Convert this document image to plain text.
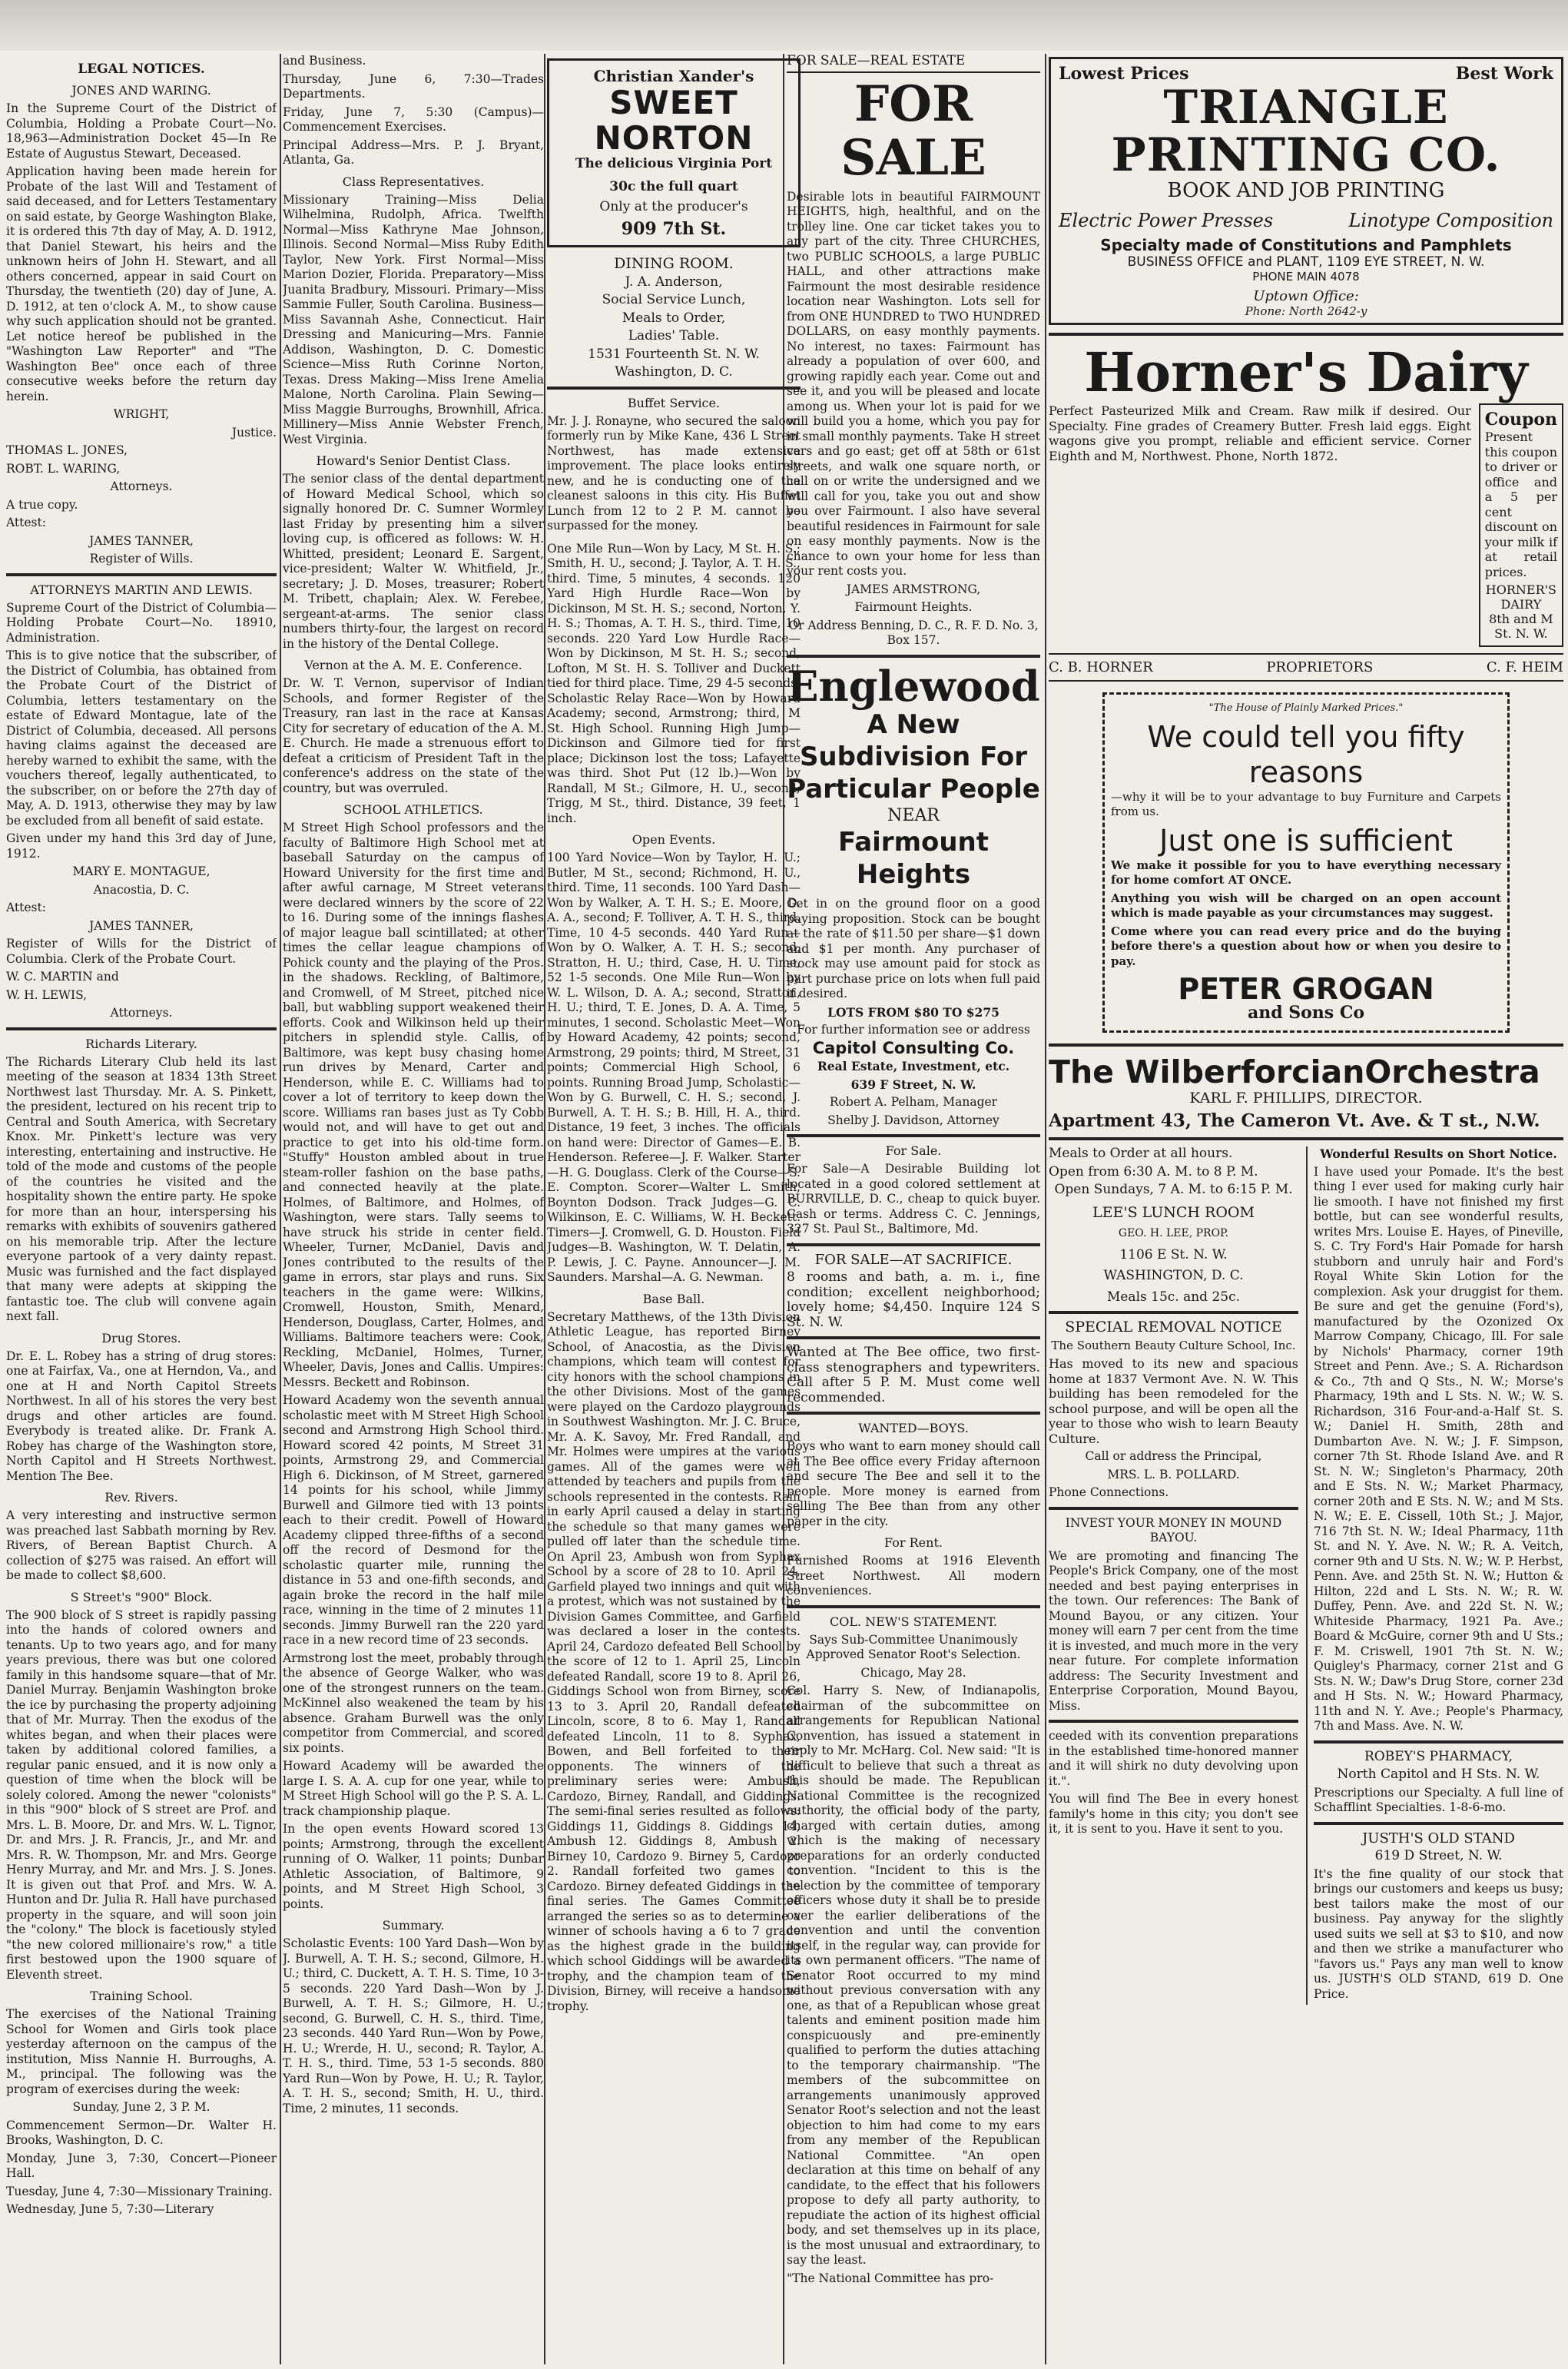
LEGAL NOTICES.
JONES AND WARING.

In the Supreme Court of the District of Columbia, Holding a Probate Court—No. 18,963—Administration Docket 45—In Re Estate of Augustus Stewart, Deceased.

Application having been made herein for Probate of the last Will and Testament of said deceased, and for Letters Testamentary on said estate, by George Washington Blake, it is ordered this 7th day of May, A. D. 1912, that Daniel Stewart, his heirs and the unknown heirs of John H. Stewart, and all others concerned, appear in said Court on Thursday, the twentieth (20) day of June, A. D. 1912, at ten o'clock A. M., to show cause why such application should not be granted. Let notice hereof be published in the "Washington Law Reporter" and "The Washington Bee" once each of three consecutive weeks before the return day herein.

WRIGHT,
Justice.
THOMAS L. JONES,
ROBT. L. WARING,
Attorneys.
A true copy.
Attest:
JAMES TANNER,
Register of Wills.
ATTORNEYS MARTIN AND LEWIS.

Supreme Court of the District of Columbia—Holding Probate Court—No. 18910, Administration.

This is to give notice that the subscriber, of the District of Columbia, has obtained from the Probate Court of the District of Columbia, letters testamentary on the estate of Edward Montague, late of the District of Columbia, deceased. All persons having claims against the deceased are hereby warned to exhibit the same, with the vouchers thereof, legally authenticated, to the subscriber, on or before the 27th day of May, A. D. 1913, otherwise they may by law be excluded from all benefit of said estate.

Given under my hand this 3rd day of June, 1912.

MARY E. MONTAGUE,
Anacostia, D. C.
Attest:
JAMES TANNER,

Register of Wills for the District of Columbia. Clerk of the Probate Court.

W. C. MARTIN and
W. H. LEWIS,
Attorneys.
Richards Literary.

The Richards Literary Club held its last meeting of the season at 1834 13th Street Northwest last Thursday. Mr. A. S. Pinkett, the president, lectured on his recent trip to Central and South America, with Secretary Knox. Mr. Pinkett's lecture was very interesting, entertaining and instructive. He told of the mode and customs of the people of the countries he visited and the hospitality shown the entire party. He spoke for more than an hour, interspersing his remarks with exhibits of souvenirs gathered on his memorable trip. After the lecture everyone partook of a very dainty repast. Music was furnished and the fact displayed that many were adepts at skipping the fantastic toe. The club will convene again next fall.

Drug Stores.

Dr. E. L. Robey has a string of drug stores: one at Fairfax, Va., one at Herndon, Va., and one at H and North Capitol Streets Northwest. In all of his stores the very best drugs and other articles are found. Everybody is treated alike. Dr. Frank A. Robey has charge of the Washington store, North Capitol and H Streets Northwest. Mention The Bee.

Rev. Rivers.

A very interesting and instructive sermon was preached last Sabbath morning by Rev. Rivers, of Berean Baptist Church. A collection of $275 was raised. An effort will be made to collect $8,600.

S Street's "900" Block.

The 900 block of S street is rapidly passing into the hands of colored owners and tenants. Up to two years ago, and for many years previous, there was but one colored family in this handsome square—that of Mr. Daniel Murray. Benjamin Washington broke the ice by purchasing the property adjoining that of Mr. Murray. Then the exodus of the whites began, and when their places were taken by additional colored families, a regular panic ensued, and it is now only a question of time when the block will be solely colored. Among the newer "colonists" in this "900" block of S street are Prof. and Mrs. L. B. Moore, Dr. and Mrs. W. L. Tignor, Dr. and Mrs. J. R. Francis, Jr., and Mr. and Mrs. R. W. Thompson, Mr. and Mrs. George Henry Murray, and Mr. and Mrs. J. S. Jones. It is given out that Prof. and Mrs. W. A. Hunton and Dr. Julia R. Hall have purchased property in the square, and will soon join the "colony." The block is facetiously styled "the new colored millionaire's row," a title first bestowed upon the 1900 square of Eleventh street.

Training School.

The exercises of the National Training School for Women and Girls took place yesterday afternoon on the campus of the institution, Miss Nannie H. Burroughs, A. M., principal. The following was the program of exercises during the week:

Sunday, June 2, 3 P. M.

Commencement Sermon—Dr. Walter H. Brooks, Washington, D. C.

Monday, June 3, 7:30, Concert—Pioneer Hall.

Tuesday, June 4, 7:30—Missionary Training.

Wednesday, June 5, 7:30—Literary

and Business.

Thursday, June 6, 7:30—Trades Departments.

Friday, June 7, 5:30 (Campus)—Commencement Exercises.

Principal Address—Mrs. P. J. Bryant, Atlanta, Ga.

Class Representatives.

Missionary Training—Miss Delia Wilhelmina, Rudolph, Africa. Twelfth Normal—Miss Kathryne Mae Johnson, Illinois. Second Normal—Miss Ruby Edith Taylor, New York. First Normal—Miss Marion Dozier, Florida. Preparatory—Miss Juanita Bradbury, Missouri. Primary—Miss Sammie Fuller, South Carolina. Business—Miss Savannah Ashe, Connecticut. Hair Dressing and Manicuring—Mrs. Fannie Addison, Washington, D. C. Domestic Science—Miss Ruth Corinne Norton, Texas. Dress Making—Miss Irene Amelia Malone, North Carolina. Plain Sewing—Miss Maggie Burroughs, Brownhill, Africa. Millinery—Miss Annie Webster French, West Virginia.

Howard's Senior Dentist Class.

The senior class of the dental department of Howard Medical School, which so signally honored Dr. C. Sumner Wormley last Friday by presenting him a silver loving cup, is officered as follows: W. H. Whitted, president; Leonard E. Sargent, vice-president; Walter W. Whitfield, Jr., secretary; J. D. Moses, treasurer; Robert M. Tribett, chaplain; Alex. W. Ferebee, sergeant-at-arms. The senior class numbers thirty-four, the largest on record in the history of the Dental College.

Vernon at the A. M. E. Conference.

Dr. W. T. Vernon, supervisor of Indian Schools, and former Register of the Treasury, ran last in the race at Kansas City for secretary of education of the A. M. E. Church. He made a strenuous effort to defeat a criticism of President Taft in the conference's address on the state of the country, but was overruled.

SCHOOL ATHLETICS.

M Street High School professors and the faculty of Baltimore High School met at baseball Saturday on the campus of Howard University for the first time and after awful carnage, M Street veterans were declared winners by the score of 22 to 16. During some of the innings flashes of major league ball scintillated; at other times the cellar league champions of Pohick county and the playing of the Pros. in the shadows. Reckling, of Baltimore, and Cromwell, of M Street, pitched nice ball, but wabbling support weakened their efforts. Cook and Wilkinson held up their pitchers in splendid style. Callis, of Baltimore, was kept busy chasing home run drives by Menard, Carter and Henderson, while E. C. Williams had to cover a lot of territory to keep down the score. Williams ran bases just as Ty Cobb would not, and will have to get out and practice to get into his old-time form. "Stuffy" Houston ambled about in true steam-roller fashion on the base paths, and connected heavily at the plate. Holmes, of Baltimore, and Holmes, of Washington, were stars. Tally seems to have struck his stride in center field. Wheeler, Turner, McDaniel, Davis and Jones contributed to the results of the game in errors, star plays and runs. Six teachers in the game were: Wilkins, Cromwell, Houston, Smith, Menard, Henderson, Douglass, Carter, Holmes, and Williams. Baltimore teachers were: Cook, Reckling, McDaniel, Holmes, Turner, Wheeler, Davis, Jones and Callis. Umpires: Messrs. Beckett and Robinson.

Howard Academy won the seventh annual scholastic meet with M Street High School second and Armstrong High School third. Howard scored 42 points, M Street 31 points, Armstrong 29, and Commercial High 6. Dickinson, of M Street, garnered 14 points for his school, while Jimmy Burwell and Gilmore tied with 13 points each to their credit. Powell of Howard Academy clipped three-fifths of a second off the record of Desmond for the scholastic quarter mile, running the distance in 53 and one-fifth seconds, and again broke the record in the half mile race, winning in the time of 2 minutes 11 seconds. Jimmy Burwell ran the 220 yard race in a new record time of 23 seconds.

Armstrong lost the meet, probably through the absence of George Walker, who was one of the strongest runners on the team. McKinnel also weakened the team by his absence. Graham Burwell was the only competitor from Commercial, and scored six points.

Howard Academy will be awarded the large I. S. A. A. cup for one year, while to M Street High School will go the P. S. A. L. track championship plaque.

In the open events Howard scored 13 points; Armstrong, through the excellent running of O. Walker, 11 points; Dunbar Athletic Association, of Baltimore, 9 points, and M Street High School, 3 points.

Summary.

Scholastic Events: 100 Yard Dash—Won by J. Burwell, A. T. H. S.; second, Gilmore, H. U.; third, C. Duckett, A. T. H. S. Time, 10 3-5 seconds. 220 Yard Dash—Won by J. Burwell, A. T. H. S.; Gilmore, H. U.; second, G. Burwell, C. H. S., third. Time, 23 seconds. 440 Yard Run—Won by Powe, H. U.; Wrerde, H. U., second; R. Taylor, A. T. H. S., third. Time, 53 1-5 seconds. 880 Yard Run—Won by Powe, H. U.; R. Taylor, A. T. H. S., second; Smith, H. U., third. Time, 2 minutes, 11 seconds.

Christian Xander's
SWEET NORTON
The delicious Virginia Port
30c the full quart
Only at the producer's
909 7th St.
DINING ROOM.
J. A. Anderson,
Social Service Lunch,
Meals to Order,
Ladies' Table.
1531 Fourteenth St. N. W.
Washington, D. C.
Buffet Service.

Mr. J. J. Ronayne, who secured the saloon formerly run by Mike Kane, 436 L Street Northwest, has made extensive improvement. The place looks entirely new, and he is conducting one of the cleanest saloons in this city. His Buffet Lunch from 12 to 2 P. M. cannot be surpassed for the money.

One Mile Run—Won by Lacy, M St. H. S.; Smith, H. U., second; J. Taylor, A. T. H. S., third. Time, 5 minutes, 4 seconds. 120 Yard High Hurdle Race—Won by Dickinson, M St. H. S.; second, Norton, Y. H. S.; Thomas, A. T. H. S., third. Time, 10 seconds. 220 Yard Low Hurdle Race—Won by Dickinson, M St. H. S.; second, Lofton, M St. H. S. Tolliver and Duckett tied for third place. Time, 29 4-5 seconds. Scholastic Relay Race—Won by Howard Academy; second, Armstrong; third, M St. High School. Running High Jump—Dickinson and Gilmore tied for first place; Dickinson lost the toss; Lafayette was third. Shot Put (12 lb.)—Won by Randall, M St.; Gilmore, H. U., second; Trigg, M St., third. Distance, 39 feet, 1 inch.

Open Events.

100 Yard Novice—Won by Taylor, H. U.; Butler, M St., second; Richmond, H. U., third. Time, 11 seconds. 100 Yard Dash—Won by Walker, A. T. H. S.; E. Moore, D. A. A., second; F. Tolliver, A. T. H. S., third. Time, 10 4-5 seconds. 440 Yard Run—Won by O. Walker, A. T. H. S.; second, Stratton, H. U.; third, Case, H. U. Time, 52 1-5 seconds. One Mile Run—Won by W. L. Wilson, D. A. A.; second, Stratton, H. U.; third, T. E. Jones, D. A. A. Time, 5 minutes, 1 second. Scholastic Meet—Won by Howard Academy, 42 points; second, Armstrong, 29 points; third, M Street, 31 points; Commercial High School, 6 points. Running Broad Jump, Scholastic—Won by G. Burwell, C. H. S.; second, J. Burwell, A. T. H. S.; B. Hill, H. A., third. Distance, 19 feet, 3 inches. The officials on hand were: Director of Games—E. B. Henderson. Referee—J. F. Walker. Starter—H. G. Douglass. Clerk of the Course—S. E. Compton. Scorer—Walter L. Smith, Boynton Dodson. Track Judges—G. C. Wilkinson, E. C. Williams, W. H. Beckett. Timers—J. Cromwell, G. D. Houston. Field Judges—B. Washington, W. T. Delatin, A. P. Lewis, J. C. Payne. Announcer—J. M. Saunders. Marshal—A. G. Newman.

Base Ball.

Secretary Matthews, of the 13th Division Athletic League, has reported Birney School, of Anacostia, as the Division champions, which team will contest for city honors with the school champions in the other Divisions. Most of the games were played on the Cardozo playgrounds in Southwest Washington. Mr. J. C. Bruce, Mr. A. K. Savoy, Mr. Fred Randall, and Mr. Holmes were umpires at the various games. All of the games were well attended by teachers and pupils from the schools represented in the contests. Rain in early April caused a delay in starting the schedule so that many games were pulled off later than the schedule time. On April 23, Ambush won from Syphax School by a score of 28 to 10. April 24, Garfield played two innings and quit with a protest, which was not sustained by the Division Games Committee, and Garfield was declared a loser in the contests. April 24, Cardozo defeated Bell School by the score of 12 to 1. April 25, Lincoln defeated Randall, score 19 to 8. April 26, Giddings School won from Birney, score 13 to 3. April 20, Randall defeated Lincoln, score, 8 to 6. May 1, Randall defeated Lincoln, 11 to 8. Syphax, Bowen, and Bell forfeited to their opponents. The winners of the preliminary series were: Ambush, Cardozo, Birney, Randall, and Giddings. The semi-final series resulted as follows: Giddings 11, Giddings 8. Giddings 14, Ambush 12. Giddings 8, Ambush 2. Birney 10, Cardozo 9. Birney 5, Cardozo 2. Randall forfeited two games to Cardozo. Birney defeated Giddings in the final series. The Games Committee arranged the series so as to determine a winner of schools having a 6 to 7 grade as the highest grade in the building which school Giddings will be awarded a trophy, and the champion team of the Division, Birney, will receive a handsome trophy.

FOR SALE—REAL ESTATE
FOR SALE

Desirable lots in beautiful FAIRMOUNT HEIGHTS, high, healthful, and on the trolley line. One car ticket takes you to any part of the city. Three CHURCHES, two PUBLIC SCHOOLS, a large PUBLIC HALL, and other attractions make Fairmount the most desirable residence location near Washington. Lots sell for from ONE HUNDRED to TWO HUNDRED DOLLARS, on easy monthly payments. No interest, no taxes: Fairmount has already a population of over 600, and growing rapidly each year. Come out and see it, and you will be pleased and locate among us. When your lot is paid for we will build you a home, which you pay for in small monthly payments. Take H street cars and go east; get off at 58th or 61st streets, and walk one square north, or call on or write the undersigned and we will call for you, take you out and show you over Fairmount. I also have several beautiful residences in Fairmount for sale on easy monthly payments. Now is the chance to own your home for less than your rent costs you.

JAMES ARMSTRONG,
Fairmount Heights.
Or Address Benning, D. C., R. F. D. No. 3, Box 157.
Englewood
A New Subdivision For Particular People
NEAR
Fairmount Heights

Get in on the ground floor on a good paying proposition. Stock can be bought at the rate of $11.50 per share—$1 down and $1 per month. Any purchaser of stock may use amount paid for stock as part purchase price on lots when full paid if desired.

LOTS FROM $80 TO $275
For further information see or address
Capitol Consulting Co.
Real Estate, Investment, etc.
639 F Street, N. W.
Robert A. Pelham, Manager
Shelby J. Davidson, Attorney
For Sale.

For Sale—A Desirable Building lot located in a good colored settlement at BURRVILLE, D. C., cheap to quick buyer. Cash or terms. Address C. C. Jennings, 327 St. Paul St., Baltimore, Md.

FOR SALE—AT SACRIFICE.

8 rooms and bath, a. m. i., fine condition; excellent neighborhood; lovely home; $4,450. Inquire 124 S St. N. W.

Wanted at The Bee office, two first-class stenographers and typewriters. Call after 5 P. M. Must come well recommended.

WANTED—BOYS.

Boys who want to earn money should call at The Bee office every Friday afternoon and secure The Bee and sell it to the people. More money is earned from selling The Bee than from any other paper in the city.

For Rent.

Furnished Rooms at 1916 Eleventh Street Northwest. All modern conveniences.

COL. NEW'S STATEMENT.
Says Sub-Committee Unanimously Approved Senator Root's Selection.
Chicago, May 28.

Col. Harry S. New, of Indianapolis, chairman of the subcommittee on arrangements for Republican National Convention, has issued a statement in reply to Mr. McHarg. Col. New said: "It is difficult to believe that such a threat as this should be made. The Republican National Committee is the recognized authority, the official body of the party, charged with certain duties, among which is the making of necessary preparations for an orderly conducted convention. "Incident to this is the selection by the committee of temporary officers whose duty it shall be to preside over the earlier deliberations of the convention and until the convention itself, in the regular way, can provide for its own permanent officers. "The name of Senator Root occurred to my mind without previous conversation with any one, as that of a Republican whose great talents and eminent position made him conspicuously and pre-eminently qualified to perform the duties attaching to the temporary chairmanship. "The members of the subcommittee on arrangements unanimously approved Senator Root's selection and not the least objection to him had come to my ears from any member of the Republican National Committee. "An open declaration at this time on behalf of any candidate, to the effect that his followers propose to defy all party authority, to repudiate the action of its highest official body, and set themselves up in its place, is the most unusual and extraordinary, to say the least.

"The National Committee has pro-

Lowest Prices	Best Work
TRIANGLE PRINTING CO.
BOOK AND JOB PRINTING
Electric Power Presses	Linotype Composition
Specialty made of Constitutions and Pamphlets
BUSINESS OFFICE and PLANT, 1109 EYE STREET, N. W.
PHONE MAIN 4078
Uptown Office:
Phone: North 2642-y
Horner's Dairy

Perfect Pasteurized Milk and Cream. Raw milk if desired. Our Specialty. Fine grades of Creamery Butter. Fresh laid eggs. Eight wagons give you prompt, reliable and efficient service. Corner Eighth and M, Northwest. Phone, North 1872.

Coupon

Present this coupon to driver or office and a 5 per cent discount on your milk if at retail prices.

HORNER'S DAIRY
8th and M St. N. W.
C. B. HORNER	PROPRIETORS	C. F. HEIM
"The House of Plainly Marked Prices."
We could tell you fifty reasons

—why it will be to your advantage to buy Furniture and Carpets from us.

Just one is sufficient

We make it possible for you to have everything necessary for home comfort AT ONCE.

Anything you wish will be charged on an open account which is made payable as your circumstances may suggest.

Come where you can read every price and do the buying before there's a question about how or when you desire to pay.

PETER GROGAN
and Sons Co
The WilberforcianOrchestra
KARL F. PHILLIPS, DIRECTOR.
Apartment 43, The Cameron Vt. Ave. & T st., N.W.
Meals to Order at all hours.
Open from 6:30 A. M. to 8 P. M.
Open Sundays, 7 A. M. to 6:15 P. M.
LEE'S LUNCH ROOM
GEO. H. LEE, PROP.
1106 E St. N. W.
WASHINGTON, D. C.
Meals 15c. and 25c.
SPECIAL REMOVAL NOTICE
The Southern Beauty Culture School, Inc.

Has moved to its new and spacious home at 1837 Vermont Ave. N. W. This building has been remodeled for the school purpose, and will be open all the year to those who wish to learn Beauty Culture.

Call or address the Principal,
MRS. L. B. POLLARD.
Phone Connections.
INVEST YOUR MONEY IN MOUND BAYOU.

We are promoting and financing The People's Brick Company, one of the most needed and best paying enterprises in the town. Our references: The Bank of Mound Bayou, or any citizen. Your money will earn 7 per cent from the time it is invested, and much more in the very near future. For complete information address: The Security Investment and Enterprise Corporation, Mound Bayou, Miss.

ceeded with its convention preparations in the established time-honored manner and it will shirk no duty devolving upon it.".

You will find The Bee in every honest family's home in this city; you don't see it, it is sent to you. Have it sent to you.

Wonderful Results on Short Notice.

I have used your Pomade. It's the best thing I ever used for making curly hair lie smooth. I have not finished my first bottle, but can see wonderful results, writes Mrs. Louise E. Hayes, of Pineville, S. C. Try Ford's Hair Pomade for harsh stubborn and unruly hair and Ford's Royal White Skin Lotion for the complexion. Ask your druggist for them. Be sure and get the genuine (Ford's), manufactured by the Ozonized Ox Marrow Company, Chicago, Ill. For sale by Nichols' Pharmacy, corner 19th Street and Penn. Ave.; S. A. Richardson & Co., 7th and Q Sts., N. W.; Morse's Pharmacy, 19th and L Sts. N. W.; W. S. Richardson, 316 Four-and-a-Half St. S. W.; Daniel H. Smith, 28th and Dumbarton Ave. N. W.; J. F. Simpson, corner 7th St. Rhode Island Ave. and R St. N. W.; Singleton's Pharmacy, 20th and E Sts. N. W.; Market Pharmacy, corner 20th and E Sts. N. W.; and M Sts. N. W.; E. E. Cissell, 10th St.; J. Major, 716 7th St. N. W.; Ideal Pharmacy, 11th St. and N. Y. Ave. N. W.; R. A. Veitch, corner 9th and U Sts. N. W.; W. P. Herbst, Penn. Ave. and 25th St. N. W.; Hutton & Hilton, 22d and L Sts. N. W.; R. W. Duffey, Penn. Ave. and 22d St. N. W.; Whiteside Pharmacy, 1921 Pa. Ave.; Board & McGuire, corner 9th and U Sts.; F. M. Criswell, 1901 7th St. N. W.; Quigley's Pharmacy, corner 21st and G Sts. N. W.; Daw's Drug Store, corner 23d and H Sts. N. W.; Howard Pharmacy, 11th and N. Y. Ave.; People's Pharmacy, 7th and Mass. Ave. N. W.

ROBEY'S PHARMACY,
North Capitol and H Sts. N. W.

Prescriptions our Specialty. A full line of Schafflint Specialties. 1-8-6-mo.

JUSTH'S OLD STAND
619 D Street, N. W.

It's the fine quality of our stock that brings our customers and keeps us busy; best tailors make the most of our business. Pay anyway for the slightly used suits we sell at $3 to $10, and now and then we strike a manufacturer who "favors us." Pays any man well to know us. JUSTH'S OLD STAND, 619 D. One Price.
